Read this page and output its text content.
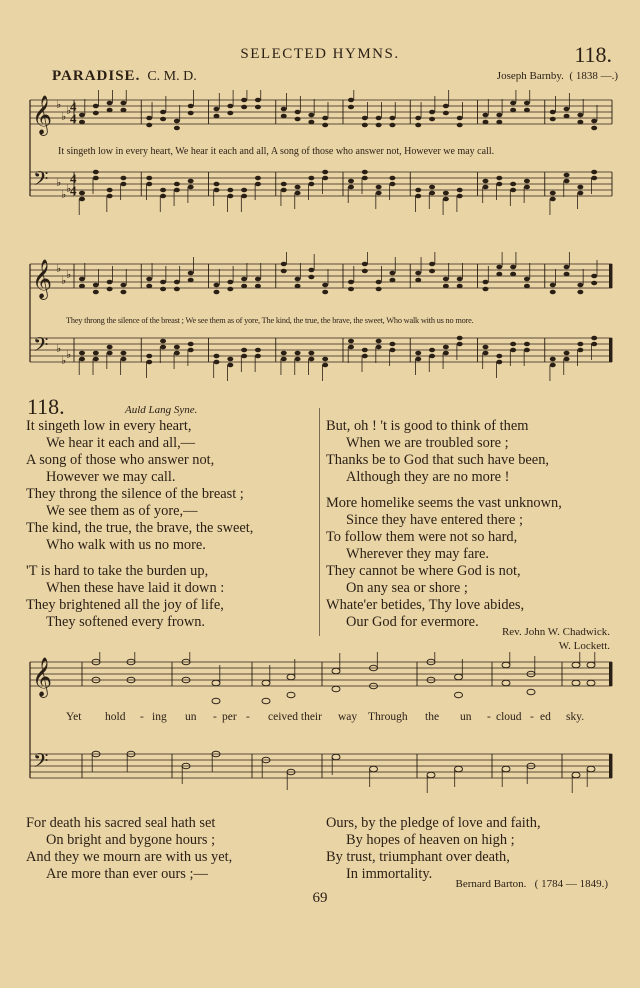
SELECTED HYMNS.	118.
PARADISE. C. M. D.	Joseph Barnby. ( 1838 —.)
𝄞
𝄢
♭
♭
♭
♭
♭
♭
4
4
4
4
It singeth low in every heart, We hear it each and all, A song of those who answer not, However we may call.
𝄞
𝄢
♭
♭
♭
♭
♭
♭
They throng the silence of the breast ; We see them as of yore, The kind, the true, the brave, the sweet, Who walk with us no more.
118.	Auld Lang Syne.
It singeth low in every heart,
We hear it each and all,—
A song of those who answer not,
However we may call.
They throng the silence of the breast ;
We see them as of yore,—
The kind, the true, the brave, the sweet,
Who walk with us no more.
'T is hard to take the burden up,
When these have laid it down :
They brightened all the joy of life,
They softened every frown.
But, oh ! 't is good to think of them
When we are troubled sore ;
Thanks be to God that such have been,
Although they are no more !
More homelike seems the vast unknown,
Since they have entered there ;
To follow them were not so hard,
Wherever they may fare.
They cannot be where God is not,
On any sea or shore ;
Whate'er betides, Thy love abides,
Our God for evermore.
Rev. John W. Chadwick.
W. Lockett.
𝄞
𝄢
Yet hold - ing un - per - ceived their way Through the un - cloud - ed sky.
For death his sacred seal hath set
On bright and bygone hours ;
And they we mourn are with us yet,
Are more than ever ours ;—
Ours, by the pledge of love and faith,
By hopes of heaven on high ;
By trust, triumphant over death,
In immortality.
Bernard Barton. ( 1784 — 1849.)
69
